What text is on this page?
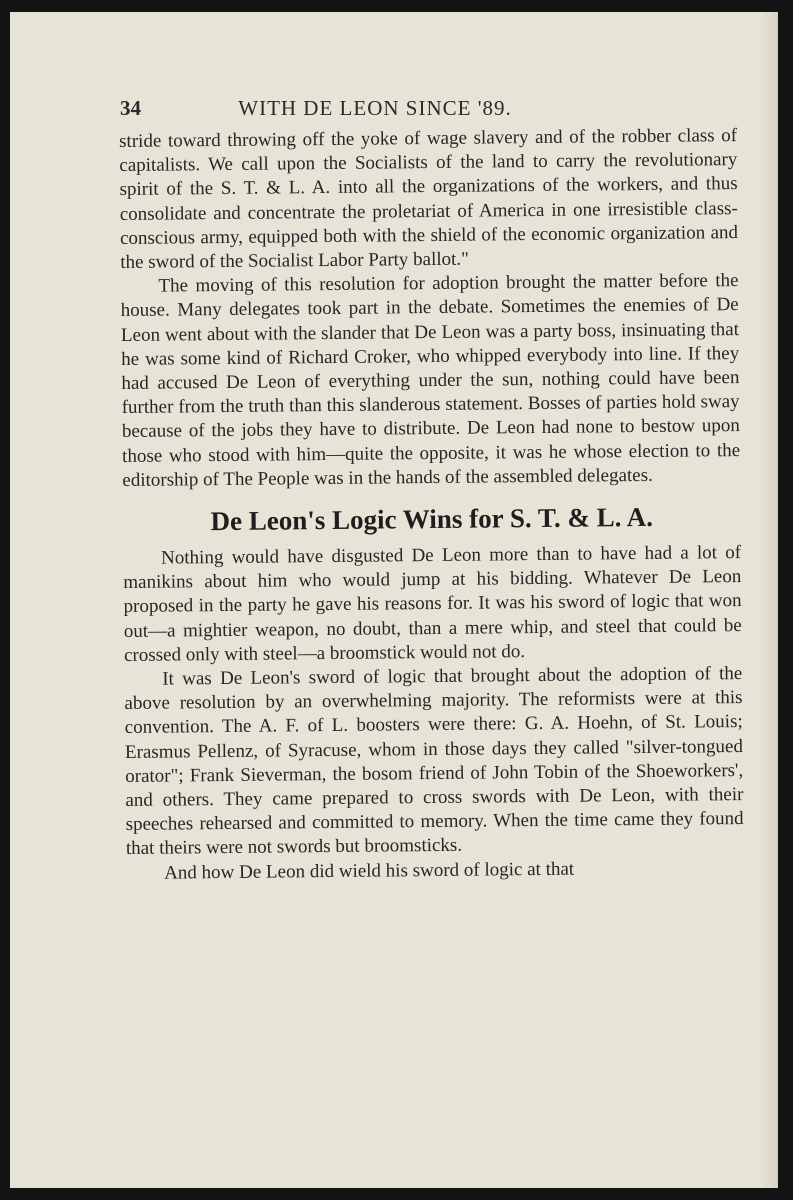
34	WITH DE LEON SINCE '89.

stride toward throwing off the yoke of wage slavery and of the robber class of capitalists. We call upon the Socialists of the land to carry the revolutionary spirit of the S. T. & L. A. into all the organizations of the workers, and thus consolidate and concentrate the proletariat of America in one irresistible class-conscious army, equipped both with the shield of the economic organization and the sword of the Socialist Labor Party ballot."

The moving of this resolution for adoption brought the matter before the house. Many delegates took part in the debate. Sometimes the enemies of De Leon went about with the slander that De Leon was a party boss, insinuating that he was some kind of Richard Croker, who whipped everybody into line. If they had accused De Leon of everything under the sun, nothing could have been further from the truth than this slanderous statement. Bosses of parties hold sway because of the jobs they have to distribute. De Leon had none to bestow upon those who stood with him—quite the opposite, it was he whose election to the editorship of The People was in the hands of the assembled delegates.

De Leon's Logic Wins for S. T. & L. A.

Nothing would have disgusted De Leon more than to have had a lot of manikins about him who would jump at his bidding. Whatever De Leon proposed in the party he gave his reasons for. It was his sword of logic that won out—a mightier weapon, no doubt, than a mere whip, and steel that could be crossed only with steel—a broomstick would not do.

It was De Leon's sword of logic that brought about the adoption of the above resolution by an overwhelming majority. The reformists were at this convention. The A. F. of L. boosters were there: G. A. Hoehn, of St. Louis; Erasmus Pellenz, of Syracuse, whom in those days they called "silver-tongued orator"; Frank Sieverman, the bosom friend of John Tobin of the Shoeworkers', and others. They came prepared to cross swords with De Leon, with their speeches rehearsed and committed to memory. When the time came they found that theirs were not swords but broomsticks.

And how De Leon did wield his sword of logic at that
